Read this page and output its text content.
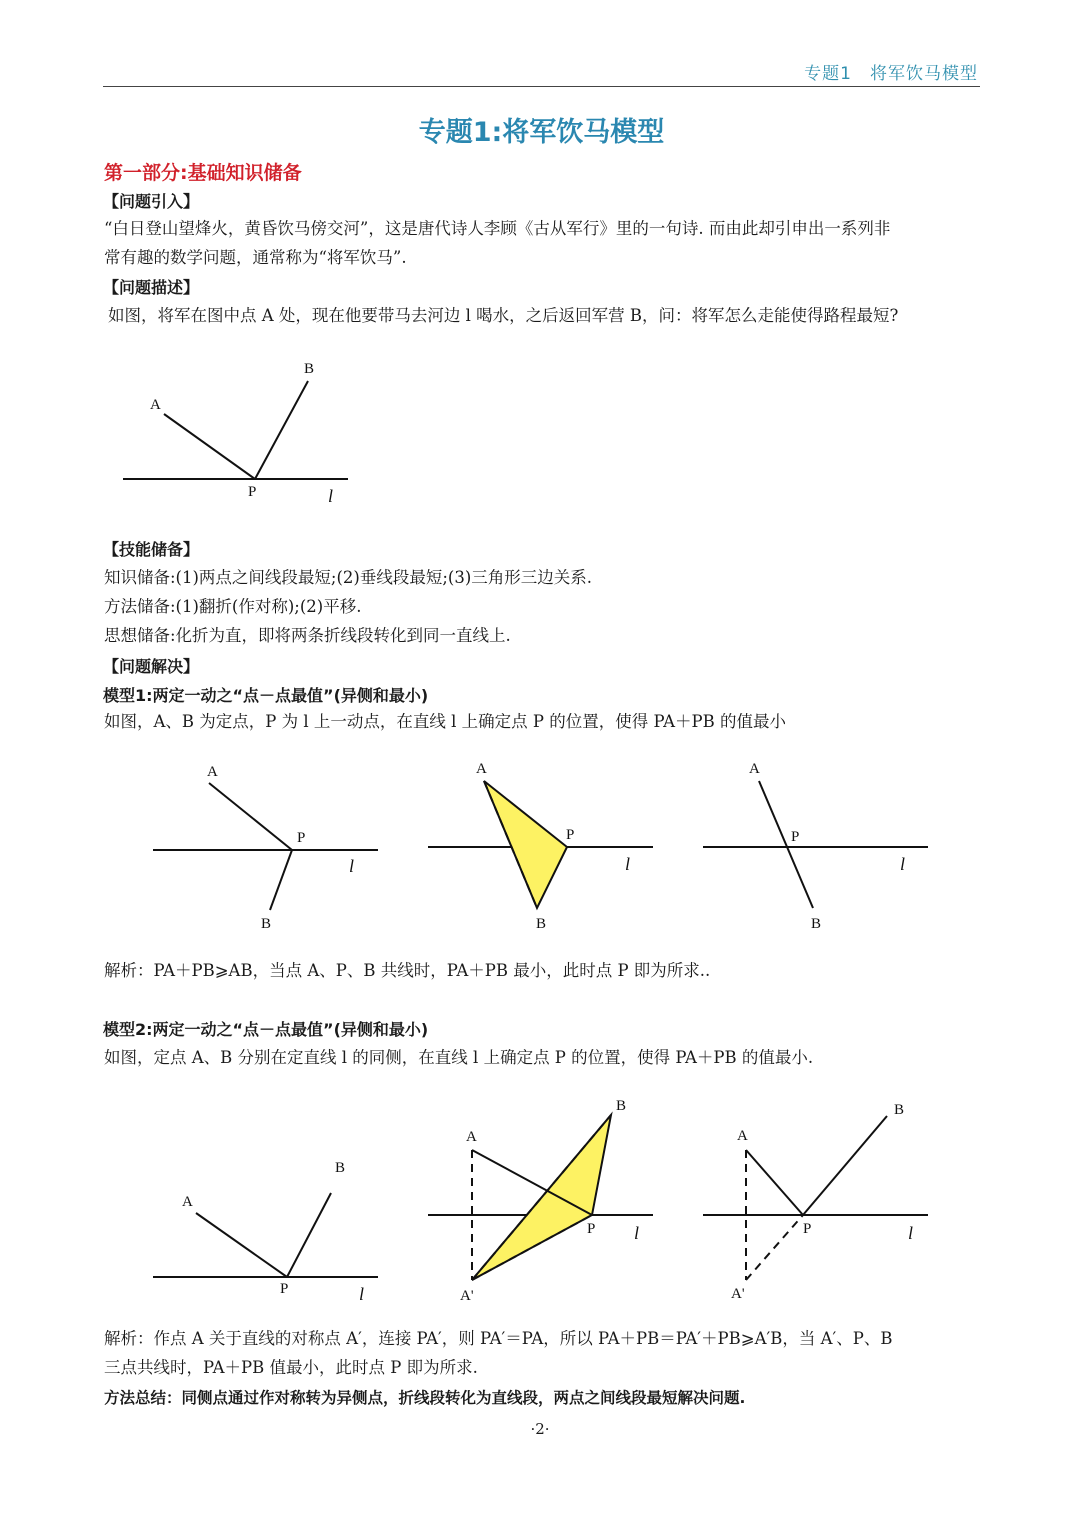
专题1　将军饮马模型
专题1:将军饮马模型
第一部分:基础知识储备
【问题引入】
“白日登山望烽火，黄昏饮马傍交河”，这是唐代诗人李顾《古从军行》里的一句诗. 而由此却引申出一系列非
常有趣的数学问题，通常称为“将军饮马”.
【问题描述】
如图，将军在图中点 A 处，现在他要带马去河边 l 喝水，之后返回军营 B，问：将军怎么走能使得路程最短?
A
B
P	l
【技能储备】
知识储备:(1)两点之间线段最短;(2)垂线段最短;(3)三角形三边关系.
方法储备:(1)翻折(作对称);(2)平移.
思想储备:化折为直，即将两条折线段转化到同一直线上.
【问题解决】
模型1:两定一动之“点－点最值”(异侧和最小)
如图，A、B 为定点，P 为 l 上一动点，在直线 l 上确定点 P 的位置，使得 PA＋PB 的值最小
A
P
B
l
A
P
B
l
A
P
B
l
解析：PA＋PB⩾AB，当点 A、P、B 共线时，PA＋PB 最小，此时点 P 即为所求..
模型2:两定一动之“点－点最值”(异侧和最小)
如图，定点 A、B 分别在定直线 l 的同侧，在直线 l 上确定点 P 的位置，使得 PA＋PB 的值最小.
A
B
P	l
A
B
P
A'
l
A
B
P
A'
l
解析：作点 A 关于直线的对称点 A′，连接 PA′，则 PA′＝PA，所以 PA＋PB＝PA′＋PB⩾A′B，当 A′、P、B
三点共线时，PA＋PB 值最小，此时点 P 即为所求.
方法总结：同侧点通过作对称转为异侧点，折线段转化为直线段，两点之间线段最短解决问题.
·2·
